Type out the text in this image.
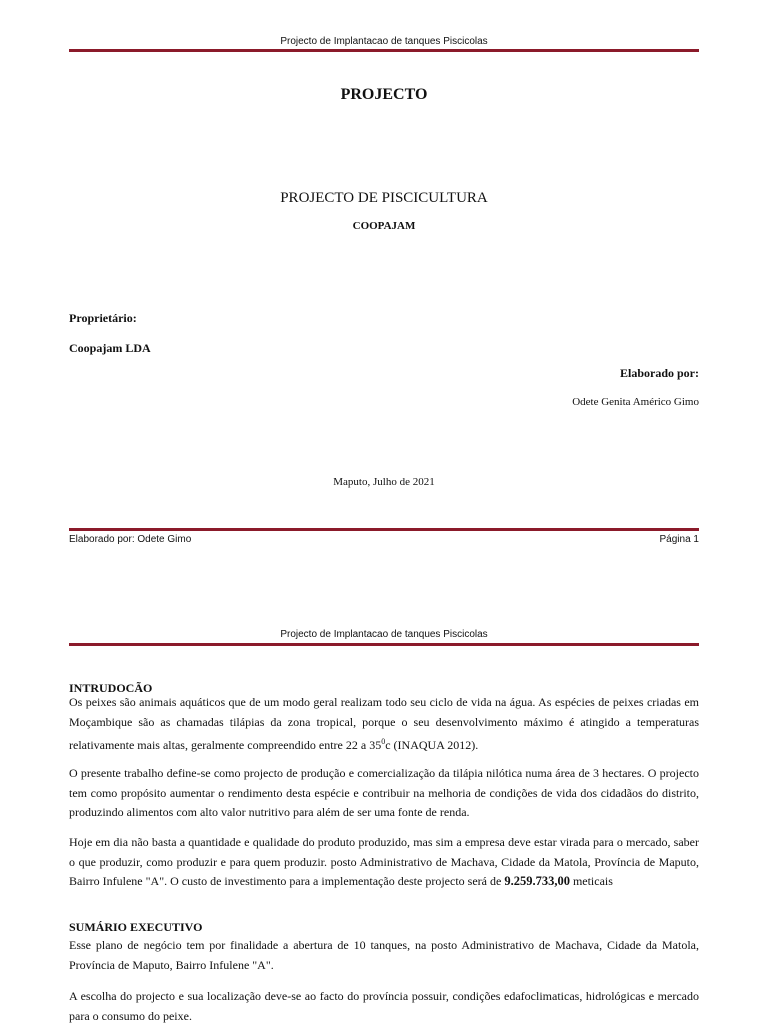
Projecto de Implantacao de tanques Piscicolas
PROJECTO
PROJECTO DE PISCICULTURA
COOPAJAM
Proprietário:
Coopajam LDA
Elaborado por:
Odete Genita Américo Gimo
Maputo, Julho de 2021
Elaborado por: Odete Gimo	Página 1
Projecto de Implantacao de tanques Piscicolas
INTRUDOCÃO

Os peixes são animais aquáticos que de um modo geral realizam todo seu ciclo de vida na água. As espécies de peixes criadas em Moçambique são as chamadas tilápias da zona tropical, porque o seu desenvolvimento máximo é atingido a temperaturas relativamente mais altas, geralmente compreendido entre 22 a $35^0c$ (INAQUA 2012).

O presente trabalho define-se como projecto de produção e comercialização da tilápia nilótica numa área de 3 hectares. O projecto tem como propósito aumentar o rendimento desta espécie e contribuir na melhoria de condições de vida dos cidadãos do distrito, produzindo alimentos com alto valor nutritivo para além de ser uma fonte de renda.

Hoje em dia não basta a quantidade e qualidade do produto produzido, mas sim a empresa deve estar virada para o mercado, saber o que produzir, como produzir e para quem produzir. posto Administrativo de Machava, Cidade da Matola, Província de Maputo, Bairro Infulene "A". O custo de investimento para a implementação deste projecto será de 9.259.733,00 meticais

SUMÁRIO EXECUTIVO

Esse plano de negócio tem por finalidade a abertura de 10 tanques, na posto Administrativo de Machava, Cidade da Matola, Província de Maputo, Bairro Infulene "A".

A escolha do projecto e sua localização deve-se ao facto do província possuir, condições edafoclimaticas, hidrológicas e mercado para o consumo do peixe.
